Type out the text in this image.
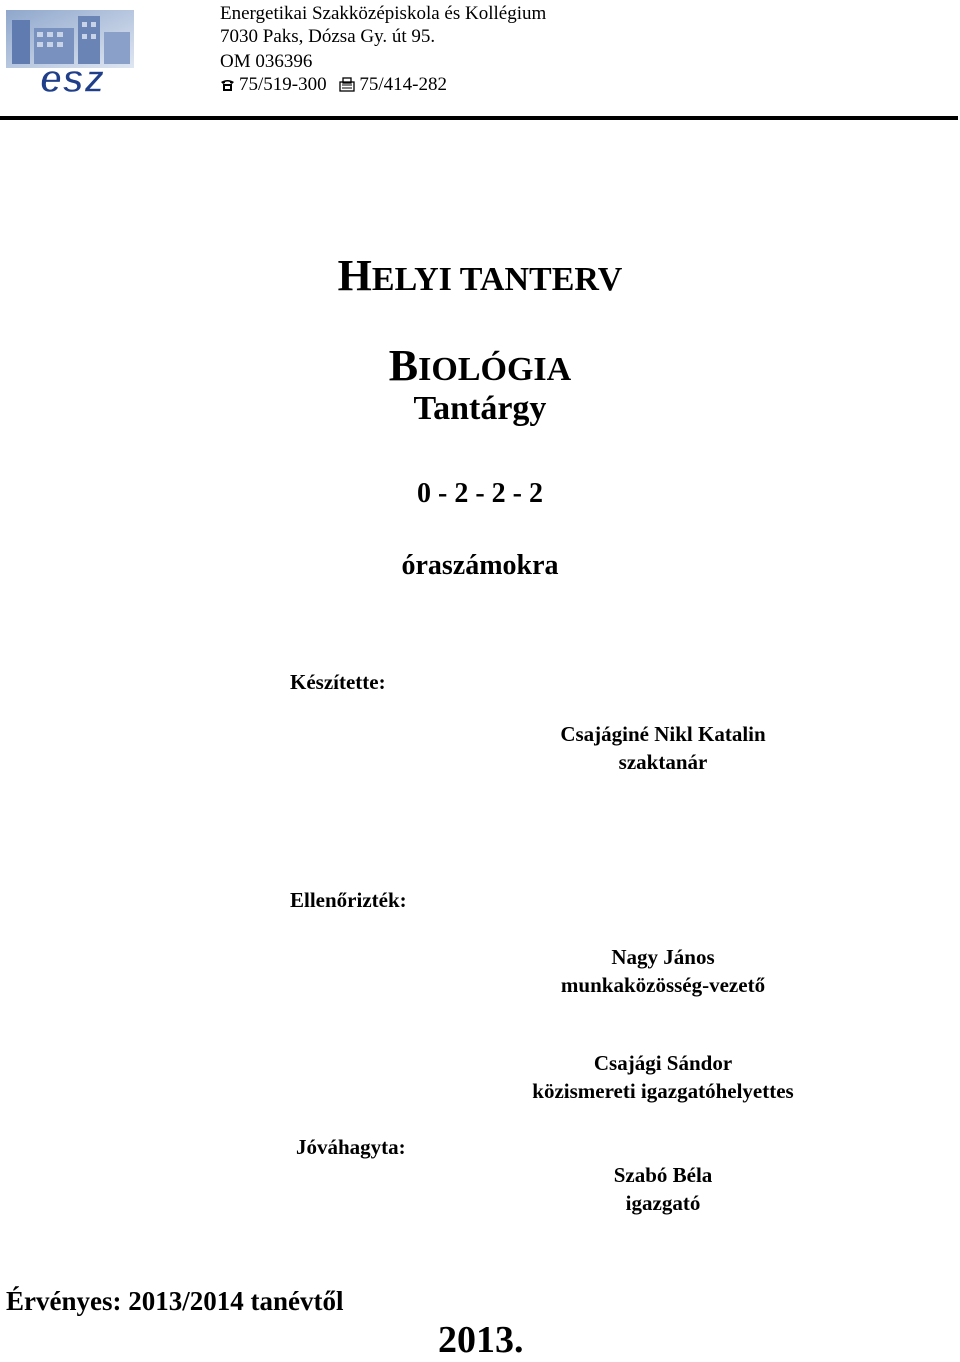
esz
Energetikai Szakközépiskola és Kollégium
7030 Paks, Dózsa Gy. út 95.
OM 036396
75/519-300 75/414-282
HELYI TANTERV
BIOLÓGIA
Tantárgy
0 - 2 - 2 - 2
óraszámokra
Készítette:
Csajáginé Nikl Katalin
szaktanár
Ellenőrizték:
Nagy János
munkaközösség-vezető
Csajági Sándor
közismereti igazgatóhelyettes
Jóváhagyta:
Szabó Béla
igazgató
Érvényes: 2013/2014 tanévtől
2013.
